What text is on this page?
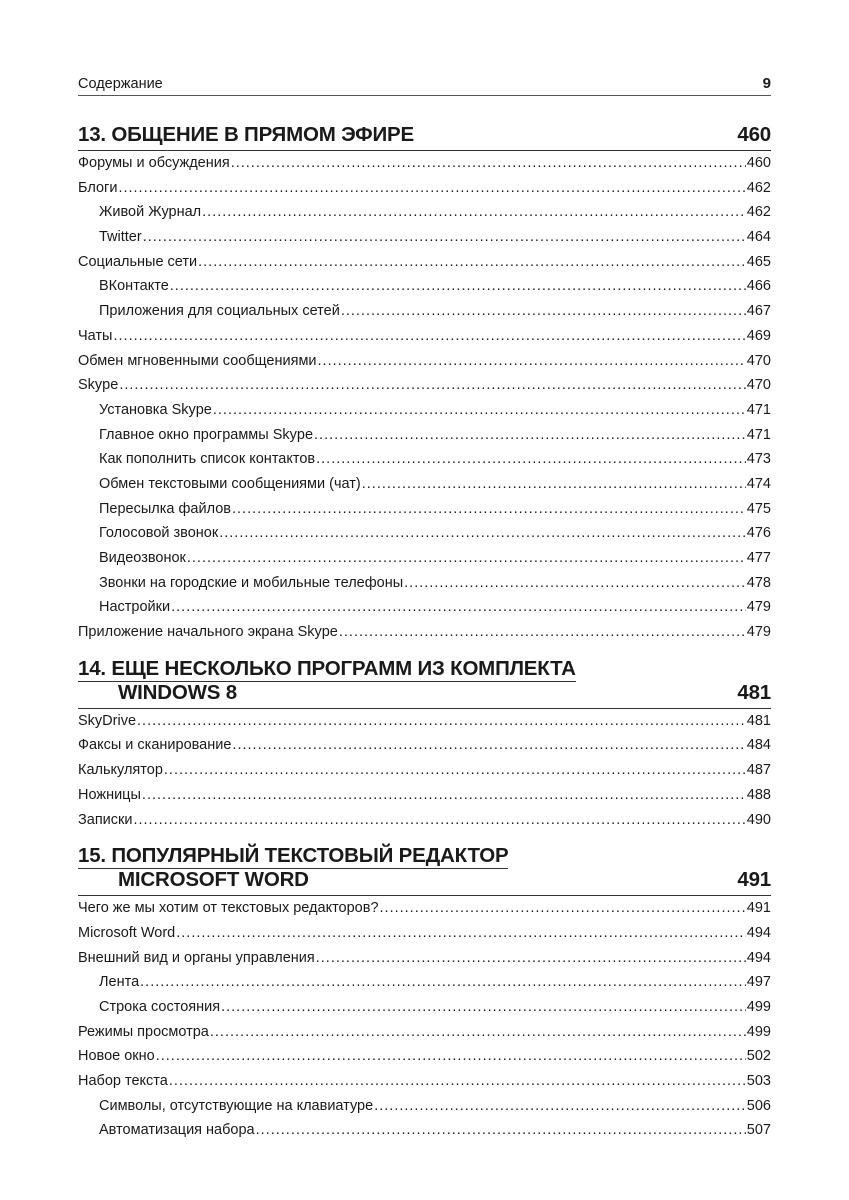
Содержание	9
13. ОБЩЕНИЕ В ПРЯМОМ ЭФИРЕ	460
Форумы и обсуждения .....	460
Блоги .....	462
Живой Журнал .....	462
Twitter .....	464
Социальные сети .....	465
ВКонтакте .....	466
Приложения для социальных сетей .....	467
Чаты .....	469
Обмен мгновенными сообщениями .....	470
Skype .....	470
Установка Skype .....	471
Главное окно программы Skype .....	471
Как пополнить список контактов .....	473
Обмен текстовыми сообщениями (чат) .....	474
Пересылка файлов .....	475
Голосовой звонок .....	476
Видеозвонок .....	477
Звонки на городские и мобильные телефоны .....	478
Настройки .....	479
Приложение начального экрана Skype .....	479
14. ЕЩЕ НЕСКОЛЬКО ПРОГРАММ ИЗ КОМПЛЕКТА
WINDOWS 8	481
SkyDrive .....	481
Факсы и сканирование .....	484
Калькулятор .....	487
Ножницы .....	488
Записки .....	490
15. ПОПУЛЯРНЫЙ ТЕКСТОВЫЙ РЕДАКТОР
MICROSOFT WORD	491
Чего же мы хотим от текстовых редакторов? .....	491
Microsoft Word .....	494
Внешний вид и органы управления .....	494
Лента .....	497
Строка состояния .....	499
Режимы просмотра .....	499
Новое окно .....	502
Набор текста .....	503
Символы, отсутствующие на клавиатуре .....	506
Автоматизация набора .....	507
